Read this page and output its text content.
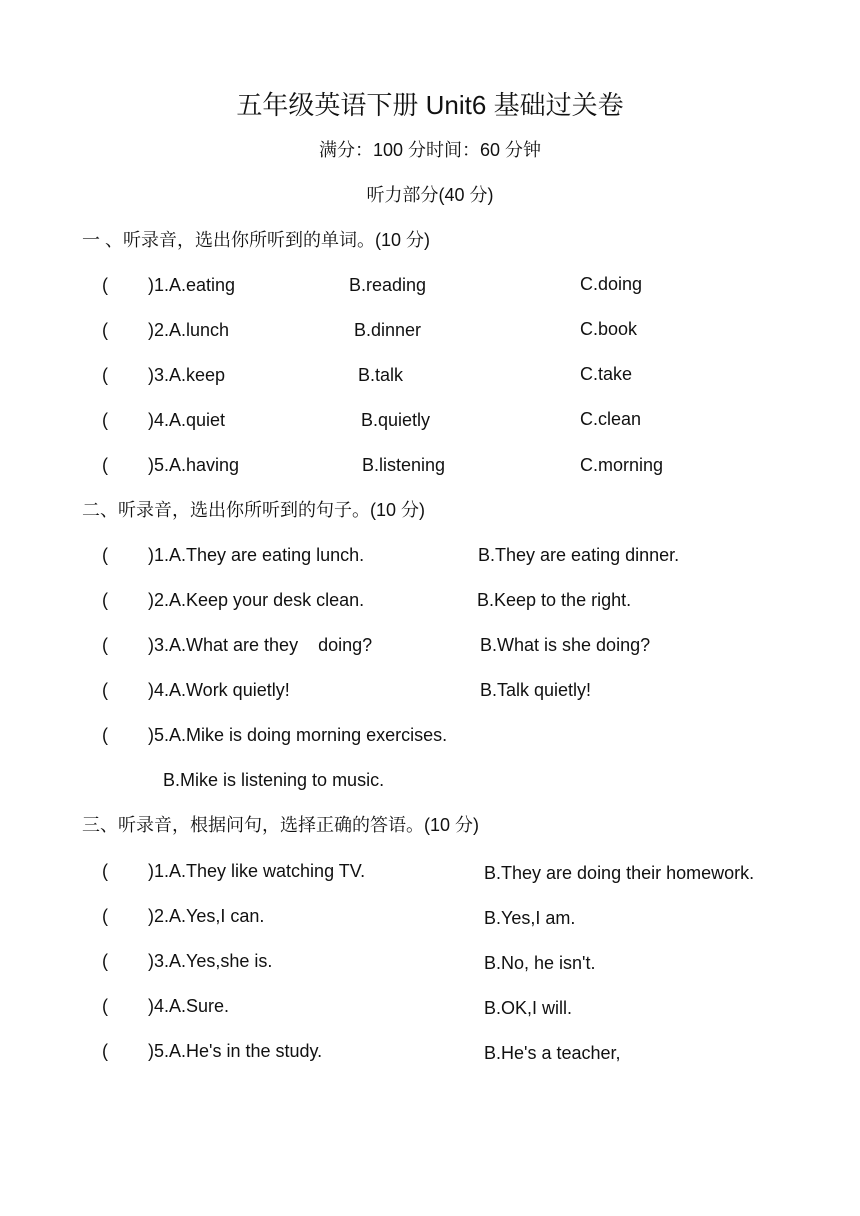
五年级英语下册 Unit6 基础过关卷
满分：100 分时间：60 分钟
听力部分(40 分)
一 、听录音，选出你所听到的单词。(10 分)
( )1.A.eating	B.reading	C.doing
( )2.A.lunch	B.dinner	C.book
( )3.A.keep	B.talk	C.take
( )4.A.quiet	B.quietly	C.clean
( )5.A.having	B.listening	C.morning
二、听录音，选出你所听到的句子。(10 分)
( )1.A.They are eating lunch.	B.They are eating dinner.
( )2.A.Keep your desk clean.	B.Keep to the right.
( )3.A.What are they    doing?	B.What is she doing?
( )4.A.Work quietly!	B.Talk quietly!
( )5.A.Mike is doing morning exercises.
B.Mike is listening to music.
三、听录音，根据问句，选择正确的答语。(10 分)
( )1.A.They like watching TV.	B.They are doing their homework.
( )2.A.Yes,I can.	B.Yes,I am.
( )3.A.Yes,she is.	B.No, he isn't.
( )4.A.Sure.	B.OK,I will.
( )5.A.He's in the study.	B.He's a teacher,
